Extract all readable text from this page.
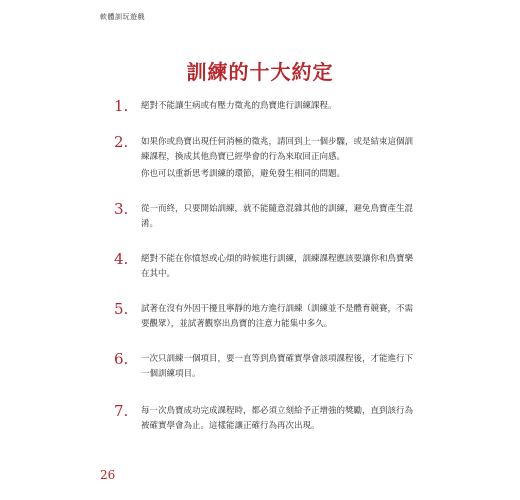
軟體訓玩遊戲
訓練的十大約定
1.	絕對不能讓生病或有壓力徵兆的鳥寶進行訓練課程。

2.	如果你或鳥寶出現任何消極的徵兆，請回到上一個步驟，或是結束這個訓練課程，換成其他鳥寶已經學會的行為來取回正向感。

你也可以重新思考訓練的環節，避免發生相同的問題。

3.	從一而終，只要開始訓練，就不能隨意混雜其他的訓練，避免鳥寶產生混淆。

4.	絕對不能在你憤怒或心煩的時候進行訓練，訓練課程應該要讓你和鳥寶樂在其中。

5.	試著在沒有外因干擾且寧靜的地方進行訓練（訓練並不是體育競賽，不需要觀眾），並試著觀察出鳥寶的注意力能集中多久。

6.	一次只訓練一個項目，要一直等到鳥寶確實學會該項課程後，才能進行下一個訓練項目。

7.	每一次鳥寶成功完成課程時，都必須立刻給予正增強的獎勵，直到該行為被確實學會為止。這樣能讓正確行為再次出現。

26
